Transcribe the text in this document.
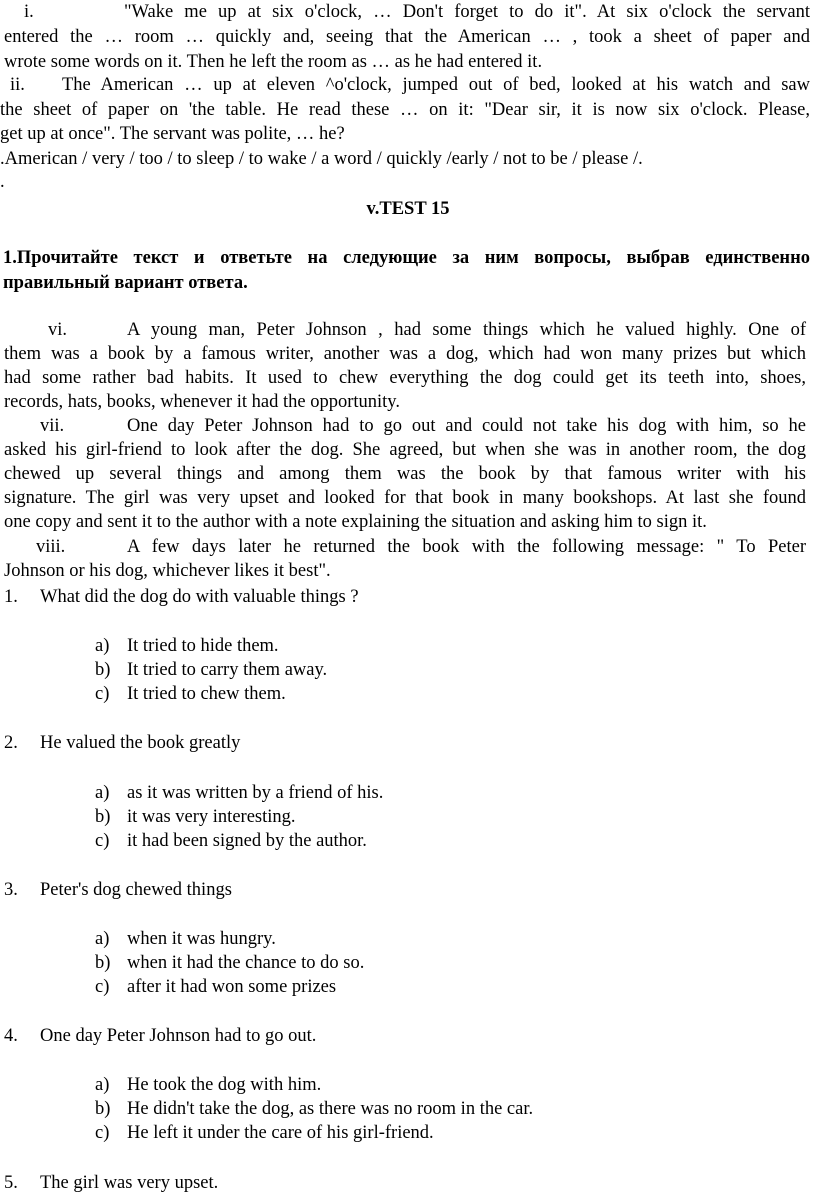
i.	"Wake me up at six o'clock, … Don't forget to do it". At six o'clock the servant
entered the … room … quickly and, seeing that the American … , took a sheet of paper and
wrote some words on it. Then he left the room as … as he had entered it.
ii. The American … up at eleven ^o'clock, jumped out of bed, looked at his watch and saw
the sheet of paper on 'the table. He read these … on it: "Dear sir, it is now six o'clock. Please,
get up at once". The servant was polite, … he?
.American / very / too / to sleep / to wake / a word / quickly /early / not to be / please /.
.
v.TEST 15
1.Прочитайте текст и ответьте на следующие за ним вопросы, выбрав единственно
правильный вариант ответа.
vi.	A young man, Peter Johnson , had some things which he valued highly. One of
them was a book by a famous writer, another was a dog, which had won many prizes but which
had some rather bad habits. It used to chew everything the dog could get its teeth into, shoes,
records, hats, books, whenever it had the opportunity.
vii.	One day Peter Johnson had to go out and could not take his dog with him, so he
asked his girl-friend to look after the dog. She agreed, but when she was in another room, the dog
chewed up several things and among them was the book by that famous writer with his
signature. The girl was very upset and looked for that book in many bookshops. At last she found
one copy and sent it to the author with a note explaining the situation and asking him to sign it.
viii.	A few days later he returned the book with the following message: " To Peter
Johnson or his dog, whichever likes it best".
1. What did the dog do with valuable things ?
a) It tried to hide them.
b) It tried to carry them away.
c) It tried to chew them.
2. He valued the book greatly
a) as it was written by a friend of his.
b) it was very interesting.
c) it had been signed by the author.
3. Peter's dog chewed things
a) when it was hungry.
b) when it had the chance to do so.
c) after it had won some prizes
4. One day Peter Johnson had to go out.
a) He took the dog with him.
b) He didn't take the dog, as there was no room in the car.
c) He left it under the care of his girl-friend.
5. The girl was very upset.
